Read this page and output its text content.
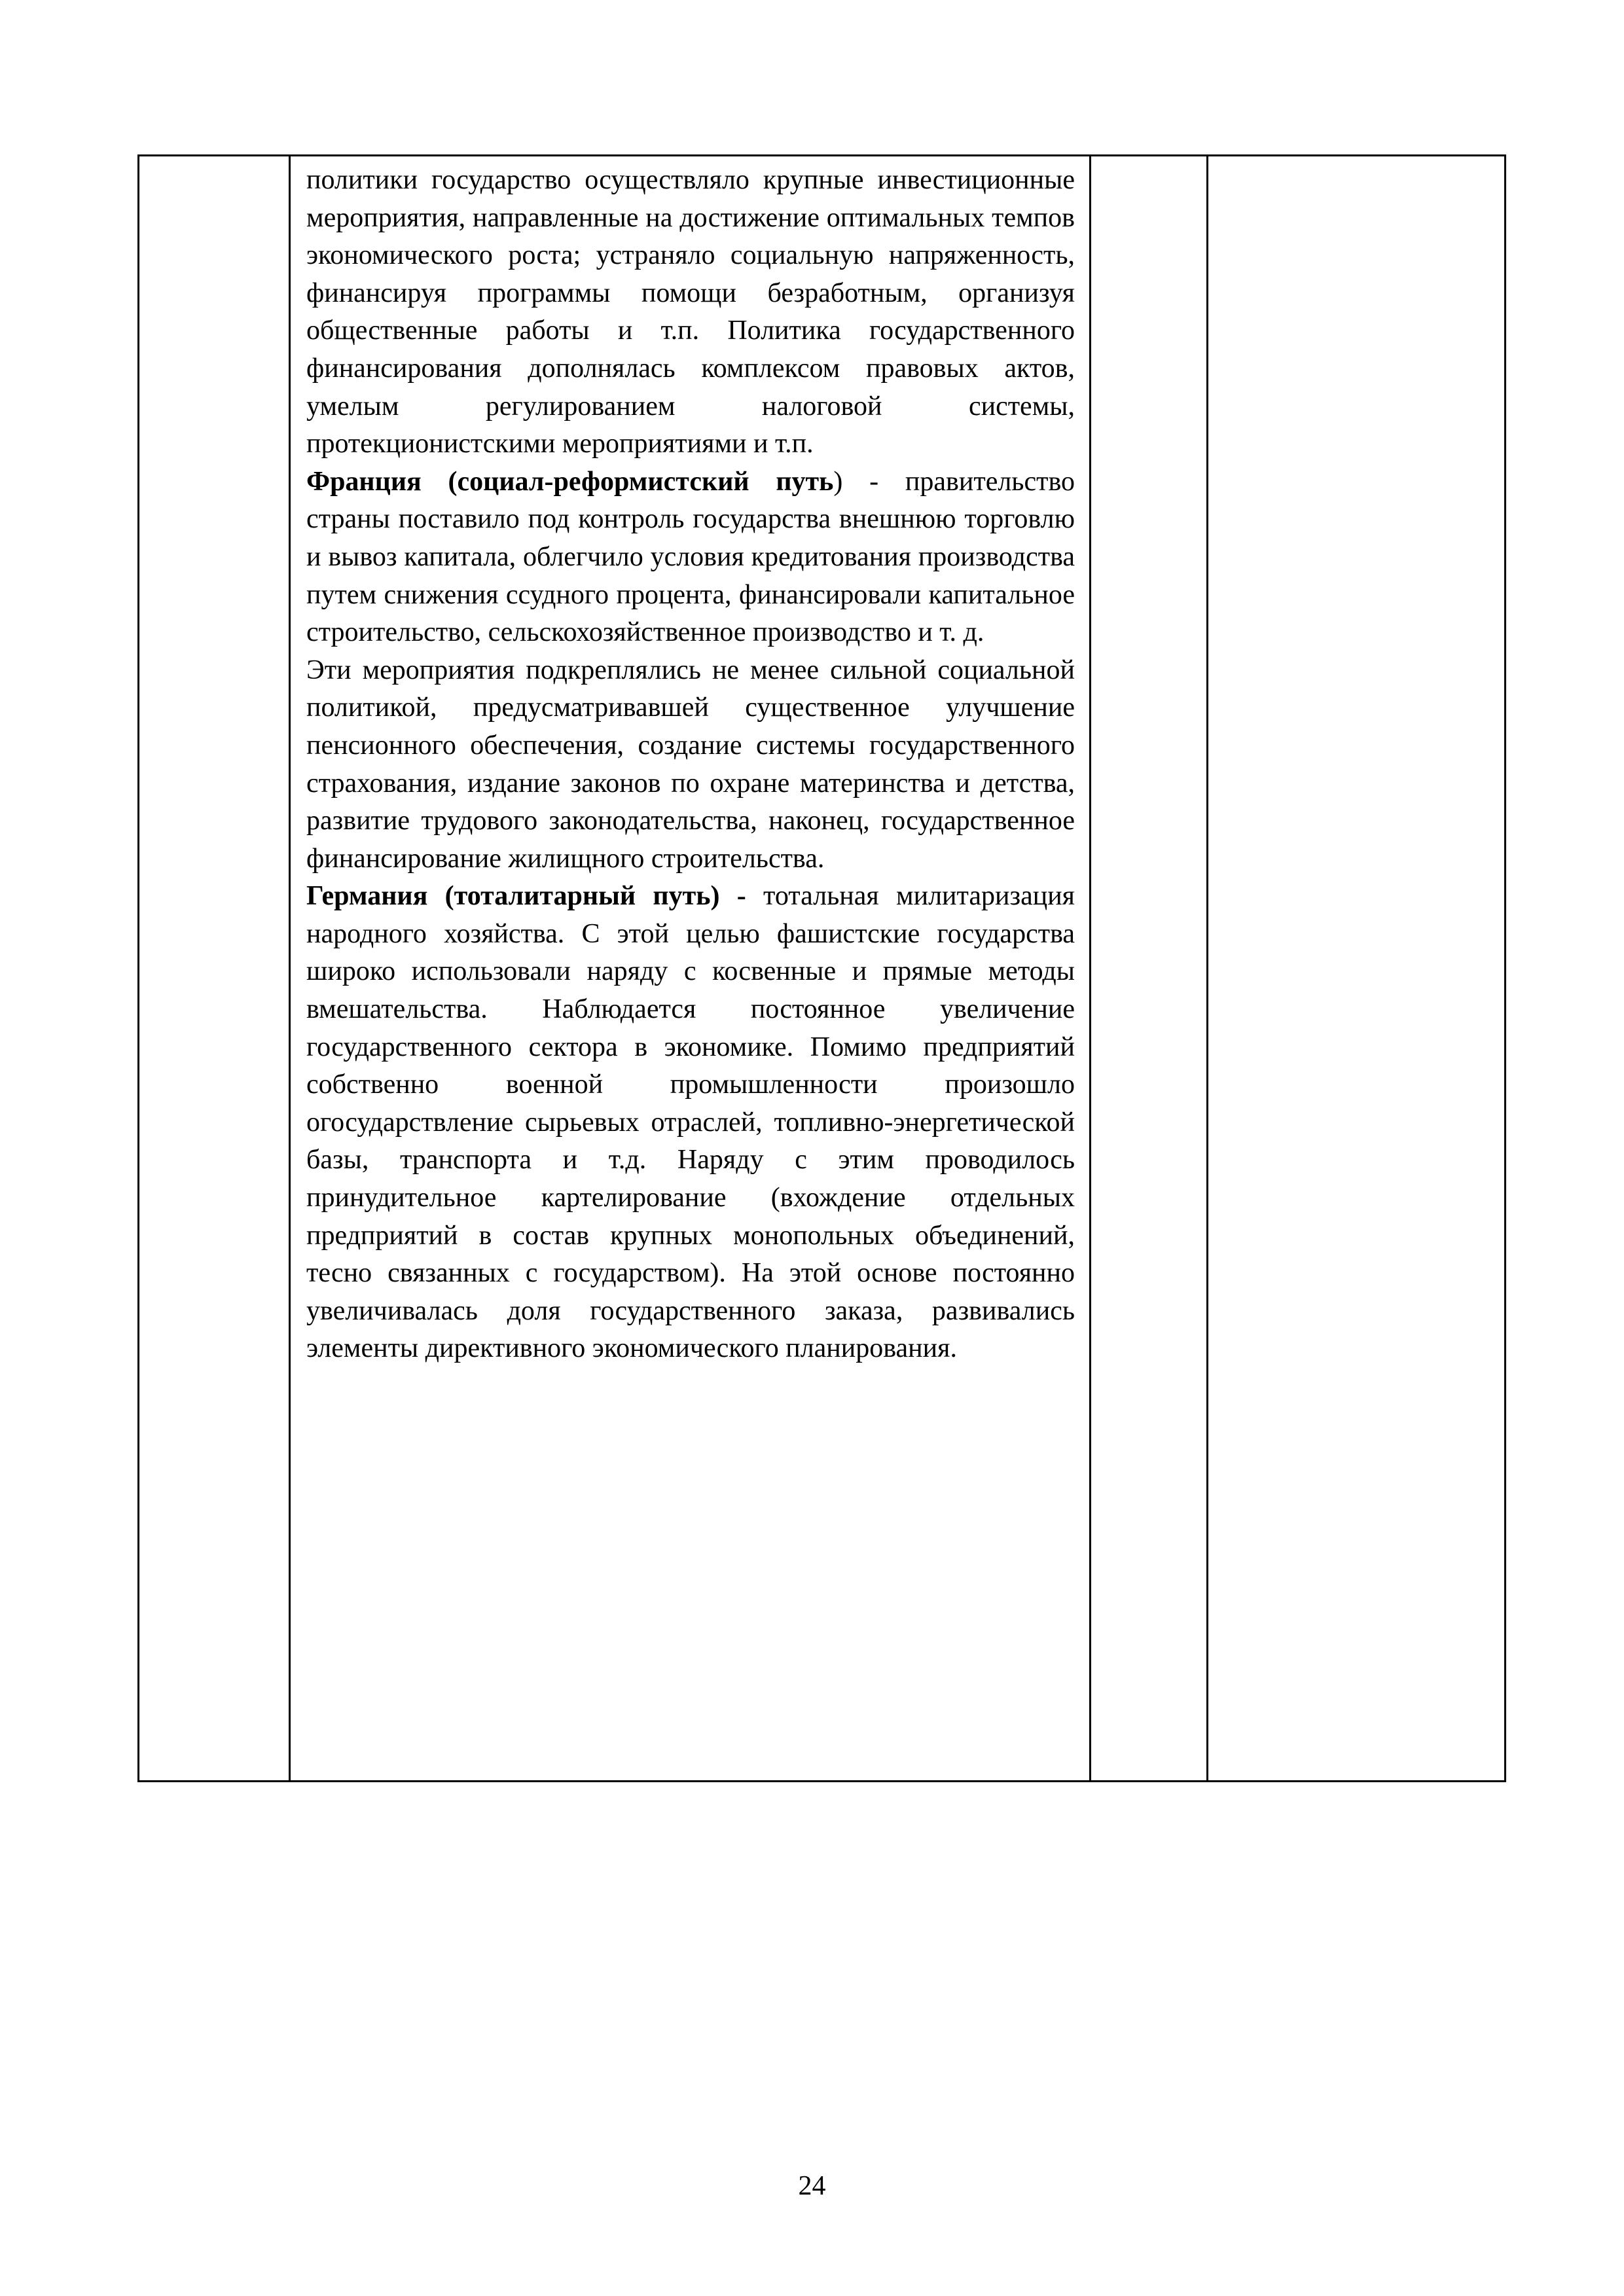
политики государство осуществляло крупные инвестиционные мероприятия, направленные на достижение оптимальных темпов экономического роста; устраняло социальную напряженность, финансируя программы помощи безработным, организуя общественные работы и т.п. Политика государственного финансирования дополнялась комплексом правовых актов, умелым регулированием налоговой системы, протекционистскими мероприятиями и т.п.

Франция (социал-реформистский путь) - правительство страны поставило под контроль государства внешнюю торговлю и вывоз капитала, облегчило условия кредитования производства путем снижения ссудного процента, финансировали капитальное строительство, сельскохозяйственное производство и т. д.

Эти мероприятия подкреплялись не менее сильной социальной политикой, предусматривавшей существенное улучшение пенсионного обеспечения, создание системы государственного страхования, издание законов по охране материнства и детства, развитие трудового законодательства, наконец, государственное финансирование жилищного строительства.

Германия (тоталитарный путь) - тотальная милитаризация народного хозяйства. С этой целью фашистские государства широко использовали наряду с косвенные и прямые методы вмешательства. Наблюдается постоянное увеличение государственного сектора в экономике. Помимо предприятий собственно военной промышленности произошло огосударствление сырьевых отраслей, топливно-энергетической базы, транспорта и т.д. Наряду с этим проводилось принудительное картелирование (вхождение отдельных предприятий в состав крупных монопольных объединений, тесно связанных с государством). На этой основе постоянно увеличивалась доля государственного заказа, развивались элементы директивного экономического планирования.

24
